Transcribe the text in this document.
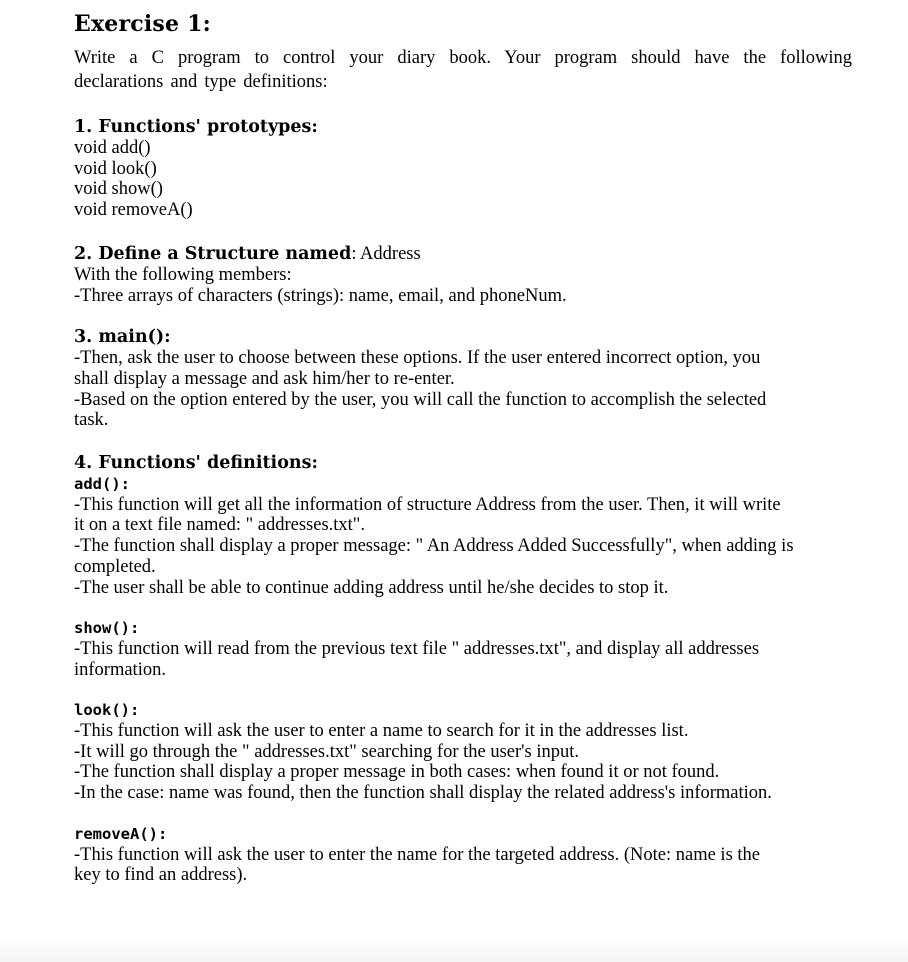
Exercise 1:

Write a C program to control your diary book. Your program should have the following declarations and type definitions:

1. Functions' prototypes:

void add()

void look()

void show()

void removeA()

2. Define a Structure named: Address

With the following members:

-Three arrays of characters (strings): name, email, and phoneNum.

3. main():

-Then, ask the user to choose between these options. If the user entered incorrect option, you

shall display a message and ask him/her to re-enter.

-Based on the option entered by the user, you will call the function to accomplish the selected

task.

4. Functions' definitions:

add():

-This function will get all the information of structure Address from the user. Then, it will write

it on a text file named: " addresses.txt".

-The function shall display a proper message: " An Address Added Successfully", when adding is

completed.

-The user shall be able to continue adding address until he/she decides to stop it.

show():

-This function will read from the previous text file " addresses.txt", and display all addresses

information.

look():

-This function will ask the user to enter a name to search for it in the addresses list.

-It will go through the " addresses.txt" searching for the user's input.

-The function shall display a proper message in both cases: when found it or not found.

-In the case: name was found, then the function shall display the related address's information.

removeA():

-This function will ask the user to enter the name for the targeted address. (Note: name is the

key to find an address).
